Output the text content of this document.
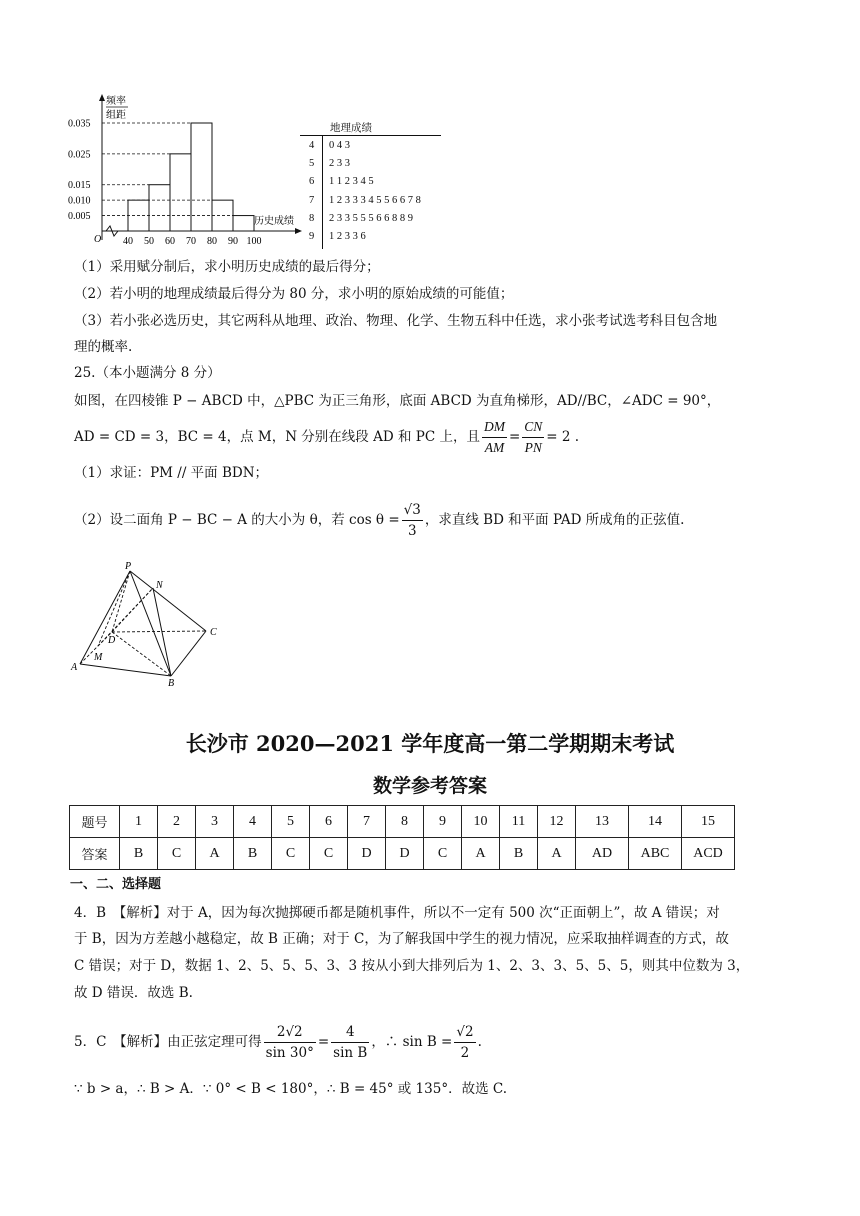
频率
组距
O
历史成绩
0.035
0.025
0.015
0.010
0.005
40 50 60 70 80 90 100
地理成绩
4 0 4 3
5 2 3 3
6 1 1 2 3 4 5
7 1 2 3 3 3 4 5 5 6 6 7 8
8 2 3 3 5 5 5 6 6 8 8 9
9 1 2 3 3 6
（1）采用赋分制后，求小明历史成绩的最后得分；
（2）若小明的地理成绩最后得分为 80 分，求小明的原始成绩的可能值；
（3）若小张必选历史，其它两科从地理、政治、物理、化学、生物五科中任选，求小张考试选考科目包含地
理的概率.
25.（本小题满分 8 分）
如图，在四棱锥 P − ABCD 中，△PBC 为正三角形，底面 ABCD 为直角梯形，AD//BC，∠ADC = 90°，
AD = CD = 3，BC = 4，点 M，N 分别在线段 AD 和 PC 上，且 $\frac{DM}{AM} = \frac{CN}{PN} = 2$ .
（1）求证：PM // 平面 BDN；
（2）设二面角 P − BC − A 的大小为 θ，若 $\cos \theta = \frac{√3}{3}$ ，求直线 BD 和平面 PAD 所成角的正弦值.
P
N
D
C
M
A
B
长沙市 2020—2021 学年度高一第二学期期末考试
数学参考答案
题号	1	2	3	4	5	6	7	8	9	10	11	12	13	14	15
答案	B	C	A	B	C	C	D	D	C	A	B	A	AD	ABC	ACD
一、二、选择题
4．B　【解析】对于 A，因为每次抛掷硬币都是随机事件，所以不一定有 500 次“正面朝上”，故 A 错误；对
于 B，因为方差越小越稳定，故 B 正确；对于 C，为了解我国中学生的视力情况，应采取抽样调查的方式，故
C 错误；对于 D，数据 1、2、5、5、5、3、3 按从小到大排列后为 1、2、3、3、5、5、5，则其中位数为 3，
故 D 错误．故选 B.
5．C　【解析】由正弦定理可得 $\frac{2√2}{\sin 30^\circ} = \frac{4}{\text{sin B}}$ ，∴ $\sin B = \frac{√2}{2}$ .
∵ b > a，∴ B > A．∵ 0° < B < 180°，∴ B = 45° 或 135°．故选 C.
